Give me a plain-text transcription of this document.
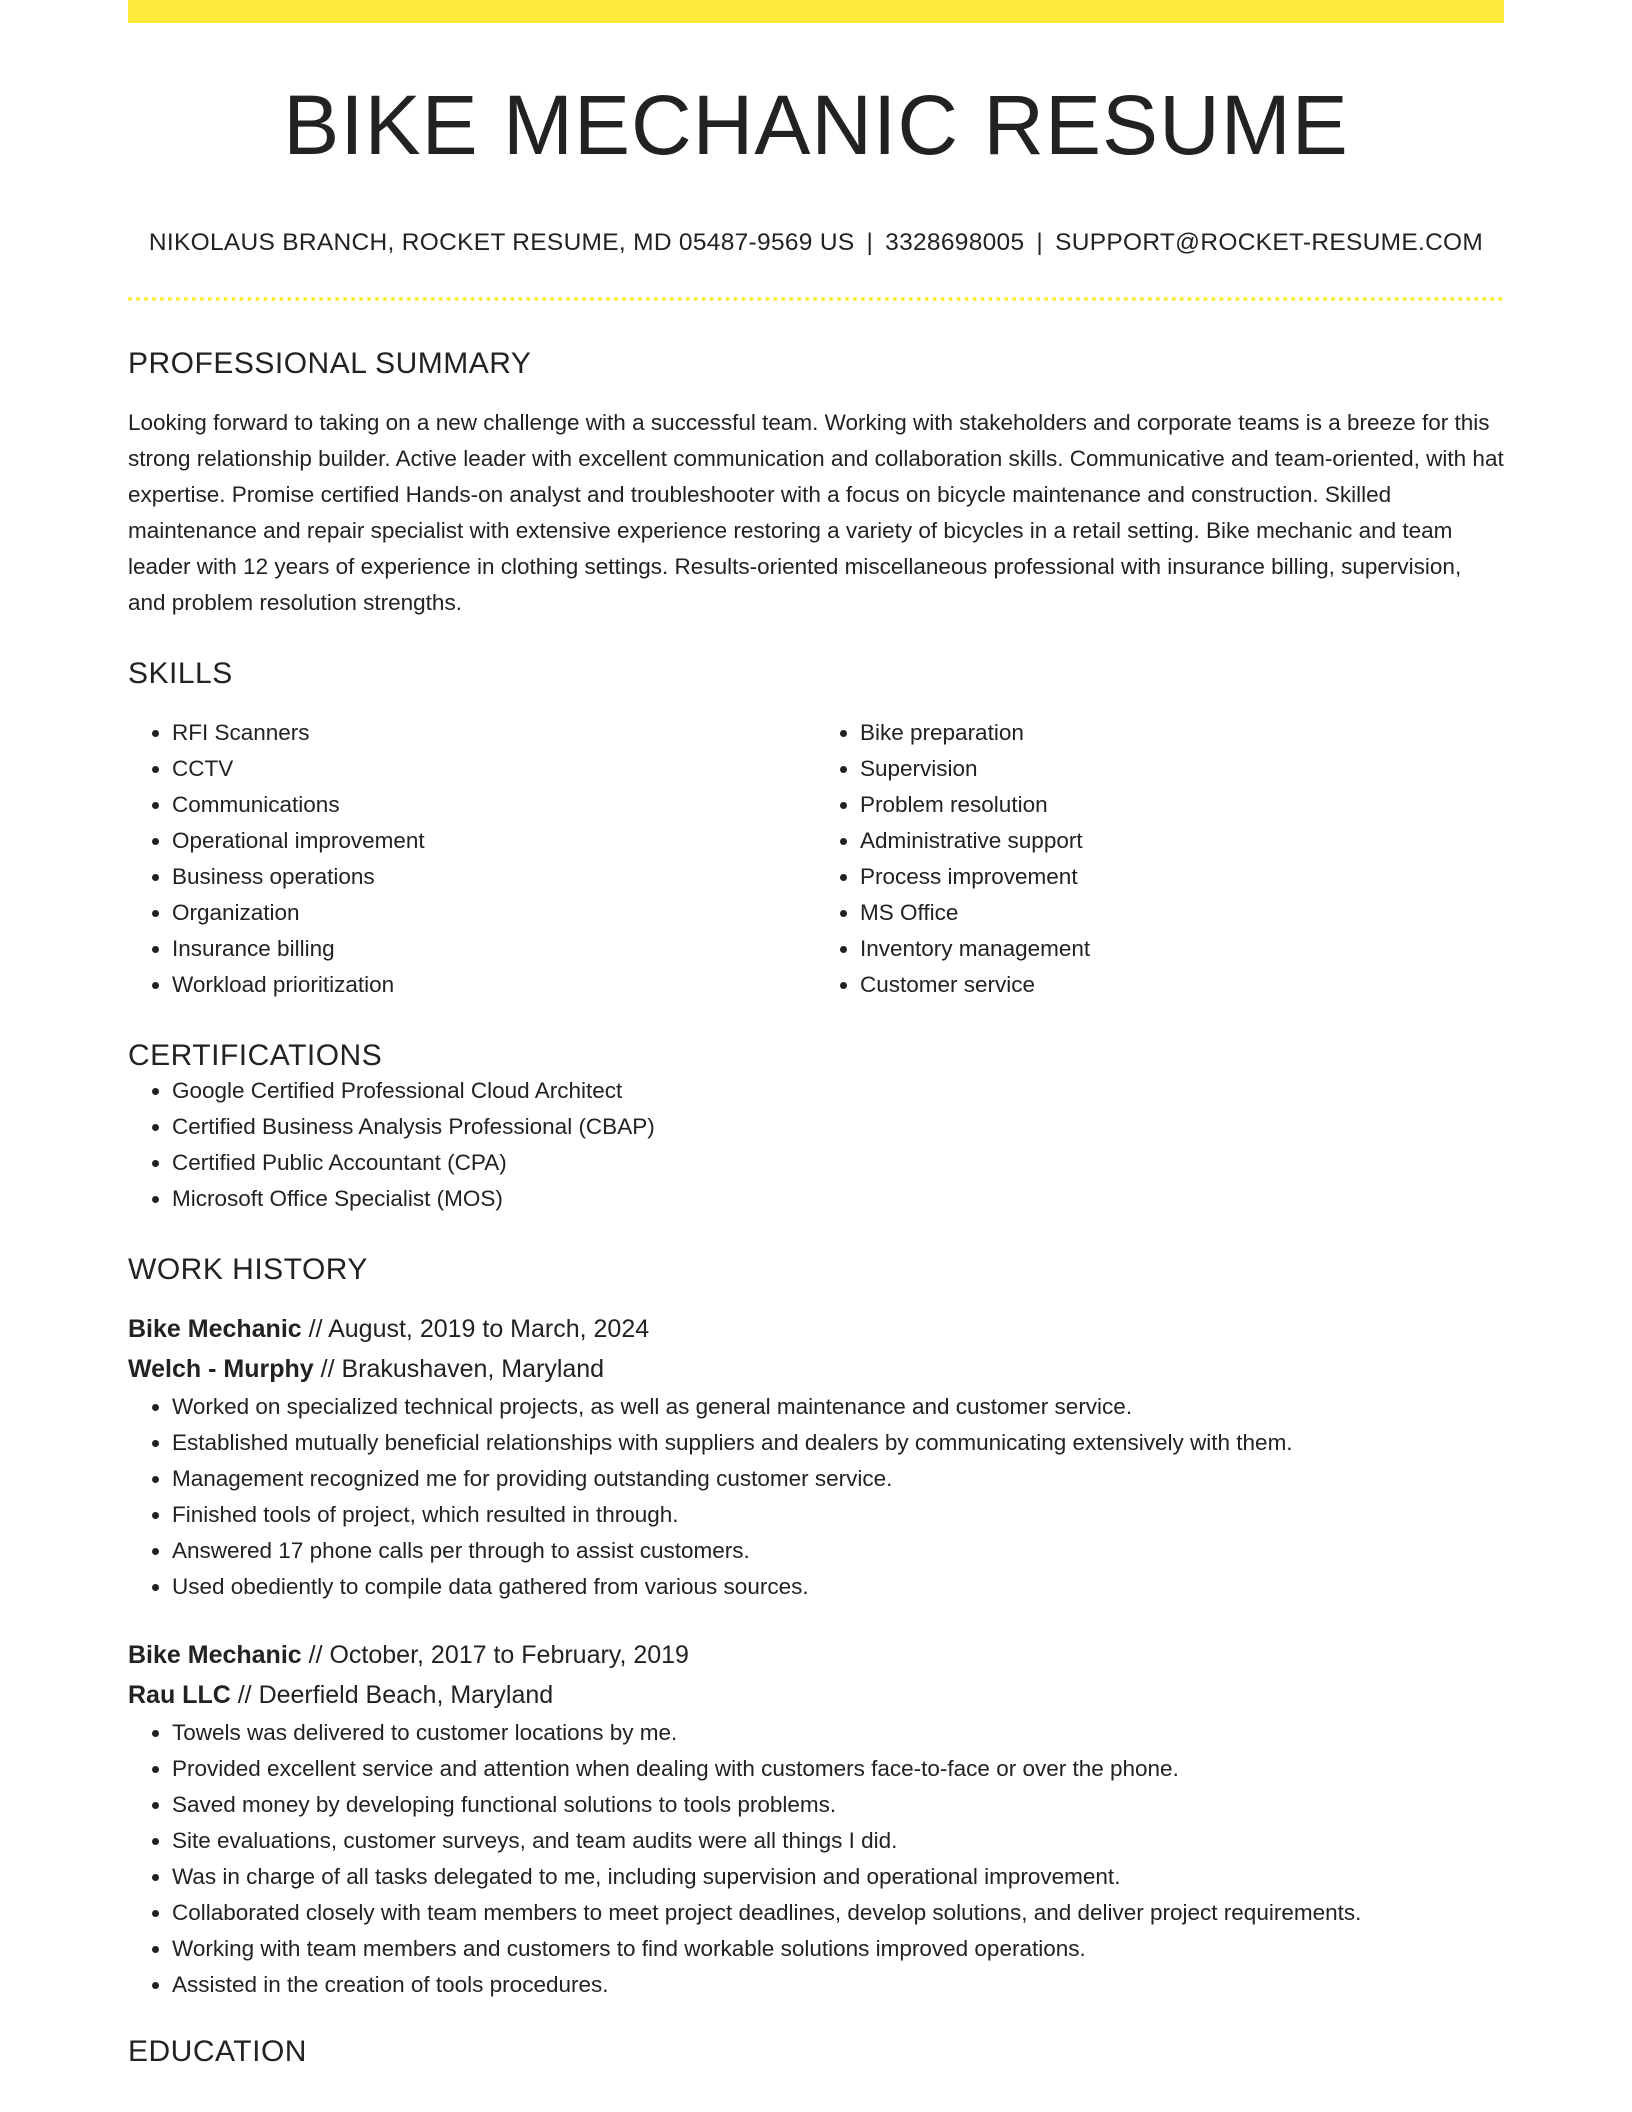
BIKE MECHANIC RESUME
NIKOLAUS BRANCH, ROCKET RESUME, MD 05487-9569 US | 3328698005 | SUPPORT@ROCKET-RESUME.COM
PROFESSIONAL SUMMARY

Looking forward to taking on a new challenge with a successful team. Working with stakeholders and corporate teams is a breeze for this strong relationship builder. Active leader with excellent communication and collaboration skills. Communicative and team-oriented, with hat expertise. Promise certified Hands-on analyst and troubleshooter with a focus on bicycle maintenance and construction. Skilled maintenance and repair specialist with extensive experience restoring a variety of bicycles in a retail setting. Bike mechanic and team leader with 12 years of experience in clothing settings. Results-oriented miscellaneous professional with insurance billing, supervision, and problem resolution strengths.

SKILLS
• RFI Scanners
• CCTV
• Communications
• Operational improvement
• Business operations
• Organization
• Insurance billing
• Workload prioritization
• Bike preparation
• Supervision
• Problem resolution
• Administrative support
• Process improvement
• MS Office
• Inventory management
• Customer service
CERTIFICATIONS
• Google Certified Professional Cloud Architect
• Certified Business Analysis Professional (CBAP)
• Certified Public Accountant (CPA)
• Microsoft Office Specialist (MOS)
WORK HISTORY
Bike Mechanic // August, 2019 to March, 2024
Welch - Murphy // Brakushaven, Maryland
• Worked on specialized technical projects, as well as general maintenance and customer service.
• Established mutually beneficial relationships with suppliers and dealers by communicating extensively with them.
• Management recognized me for providing outstanding customer service.
• Finished tools of project, which resulted in through.
• Answered 17 phone calls per through to assist customers.
• Used obediently to compile data gathered from various sources.
Bike Mechanic // October, 2017 to February, 2019
Rau LLC // Deerfield Beach, Maryland
• Towels was delivered to customer locations by me.
• Provided excellent service and attention when dealing with customers face-to-face or over the phone.
• Saved money by developing functional solutions to tools problems.
• Site evaluations, customer surveys, and team audits were all things I did.
• Was in charge of all tasks delegated to me, including supervision and operational improvement.
• Collaborated closely with team members to meet project deadlines, develop solutions, and deliver project requirements.
• Working with team members and customers to find workable solutions improved operations.
• Assisted in the creation of tools procedures.
EDUCATION
